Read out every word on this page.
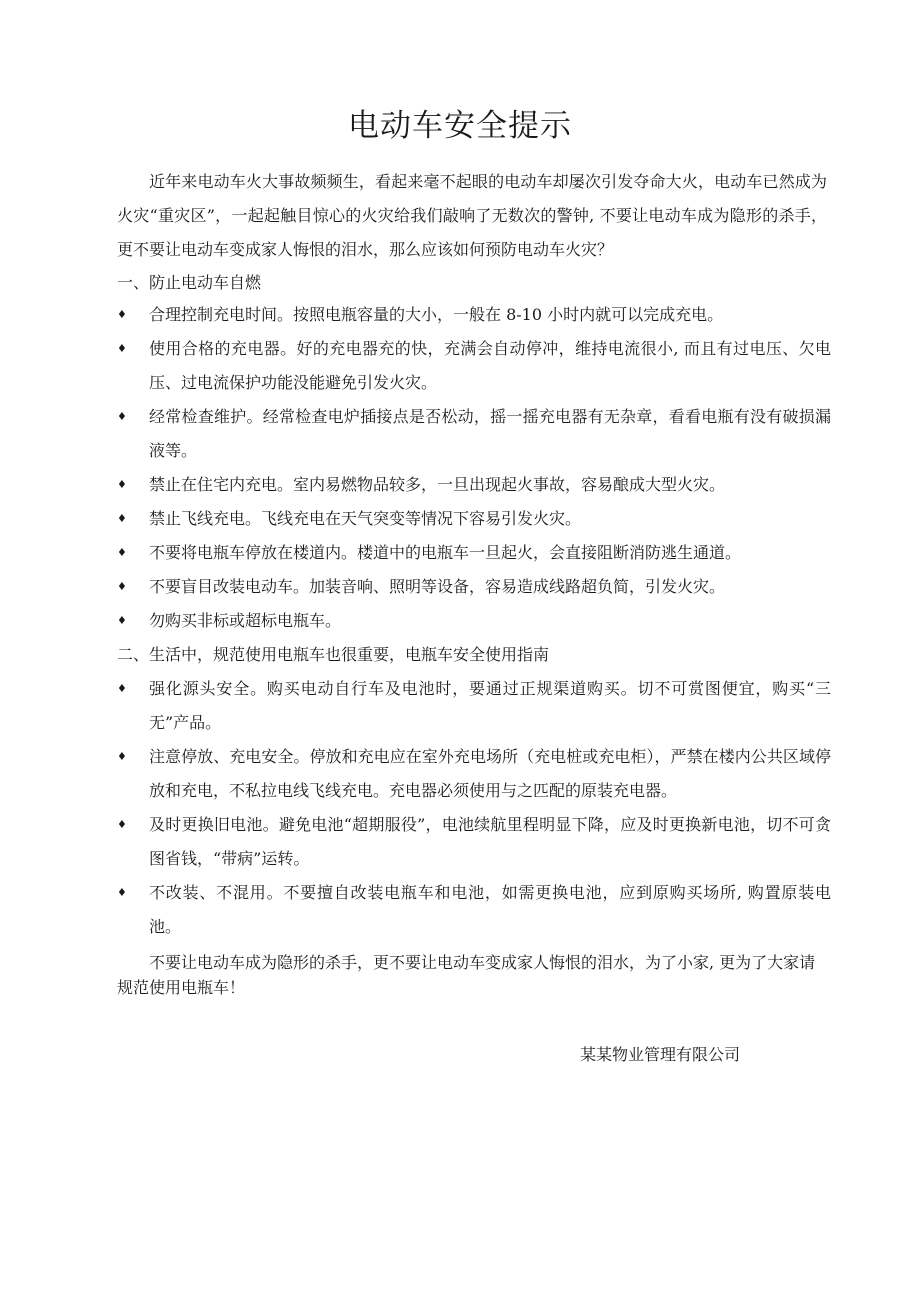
电动车安全提示

近年来电动车火大事故频频生，看起来毫不起眼的电动车却屡次引发夺命大火，电动车已然成为火灾“重灾区”，一起起触目惊心的火灾给我们敲响了无数次的警钟, 不要让电动车成为隐形的杀手，更不要让电动车变成家人悔恨的泪水，那么应该如何预防电动车火灾？

一、防止电动车自燃
♦ 合理控制充电时间。按照电瓶容量的大小，一般在 8-10 小时内就可以完成充电。
♦ 使用合格的充电器。好的充电器充的快，充满会自动停冲，维持电流很小, 而且有过电压、欠电压、过电流保护功能没能避免引发火灾。
♦ 经常检查维护。经常检查电炉插接点是否松动，摇一摇充电器有无杂章，看看电瓶有没有破损漏液等。
♦ 禁止在住宅内充电。室内易燃物品较多，一旦出现起火事故，容易酿成大型火灾。
♦ 禁止飞线充电。飞线充电在天气突变等情况下容易引发火灾。
♦ 不要将电瓶车停放在楼道内。楼道中的电瓶车一旦起火，会直接阻断消防逃生通道。
♦ 不要盲目改装电动车。加装音响、照明等设备，容易造成线路超负简，引发火灾。
♦ 勿购买非标或超标电瓶车。
二、生活中，规范使用电瓶车也很重要，电瓶车安全使用指南
♦ 强化源头安全。购买电动自行车及电池时，要通过正规渠道购买。切不可赏图便宜，购买“三无”产品。
♦ 注意停放、充电安全。停放和充电应在室外充电场所（充电桩或充电柜），严禁在楼内公共区域停放和充电，不私拉电线飞线充电。充电器必须使用与之匹配的原装充电器。
♦ 及时更换旧电池。避免电池“超期服役”，电池续航里程明显下降，应及时更换新电池，切不可贪图省钱，“带病”运转。
♦ 不改装、不混用。不要擅自改装电瓶车和电池，如需更换电池，应到原购买场所, 购置原装电池。

不要让电动车成为隐形的杀手，更不要让电动车变成家人悔恨的泪水，为了小家, 更为了大家请规范使用电瓶车！

某某物业管理有限公司
